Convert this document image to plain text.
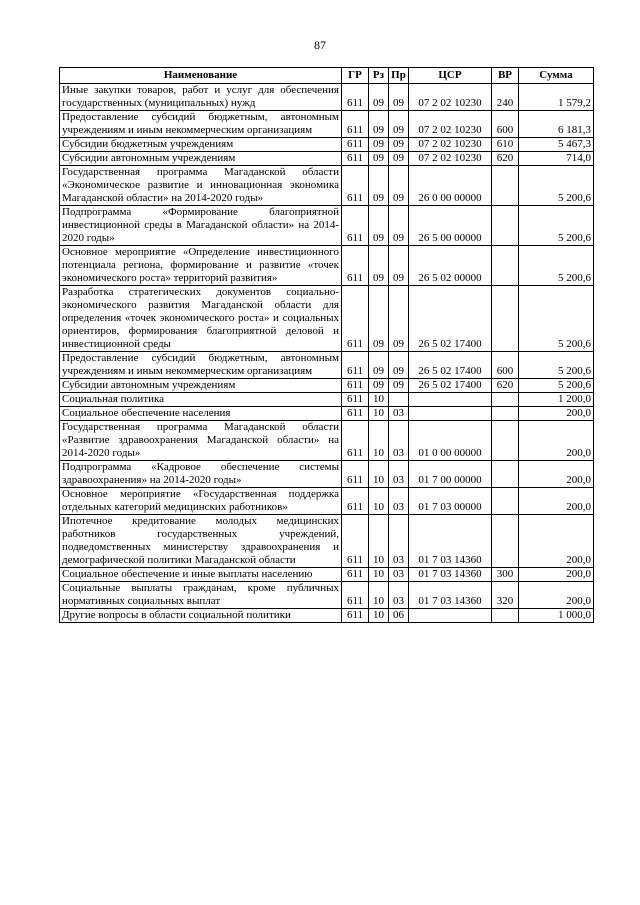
87
Наименование	ГР	Рз	Пр	ЦСР	ВР	Сумма
Иные закупки товаров, работ и услуг для обеспечения государственных (муниципальных) нужд	611	09	09	07 2 02 10230	240	1 579,2
Предоставление субсидий бюджетным, автономным учреждениям и иным некоммерческим организациям	611	09	09	07 2 02 10230	600	6 181,3
Субсидии бюджетным учреждениям	611	09	09	07 2 02 10230	610	5 467,3
Субсидии автономным учреждениям	611	09	09	07 2 02 10230	620	714,0
Государственная программа Магаданской области «Экономическое развитие и инновационная экономика Магаданской области» на 2014-2020 годы»	611	09	09	26 0 00 00000		5 200,6
Подпрограмма «Формирование благоприятной инвестиционной среды в Магаданской области» на 2014-2020 годы»	611	09	09	26 5 00 00000		5 200,6
Основное мероприятие «Определение инвестиционного потенциала региона, формирование и развитие «точек экономического роста» территорий развития»	611	09	09	26 5 02 00000		5 200,6
Разработка стратегических документов социально-экономического развития Магаданской области для определения «точек экономического роста» и социальных ориентиров, формирования благоприятной деловой и инвестиционной среды	611	09	09	26 5 02 17400		5 200,6
Предоставление субсидий бюджетным, автономным учреждениям и иным некоммерческим организациям	611	09	09	26 5 02 17400	600	5 200,6
Субсидии автономным учреждениям	611	09	09	26 5 02 17400	620	5 200,6
Социальная политика	611	10				1 200,0
Социальное обеспечение населения	611	10	03			200,0
Государственная программа Магаданской области «Развитие здравоохранения Магаданской области» на 2014-2020 годы»	611	10	03	01 0 00 00000		200,0
Подпрограмма «Кадровое обеспечение системы здравоохранения» на 2014-2020 годы»	611	10	03	01 7 00 00000		200,0
Основное мероприятие «Государственная поддержка отдельных категорий медицинских работников»	611	10	03	01 7 03 00000		200,0
Ипотечное кредитование молодых медицинских работников государственных учреждений, подведомственных министерству здравоохранения и демографической политики Магаданской области	611	10	03	01 7 03 14360		200,0
Социальное обеспечение и иные выплаты населению	611	10	03	01 7 03 14360	300	200,0
Социальные выплаты гражданам, кроме публичных нормативных социальных выплат	611	10	03	01 7 03 14360	320	200,0
Другие вопросы в области социальной политики	611	10	06			1 000,0
